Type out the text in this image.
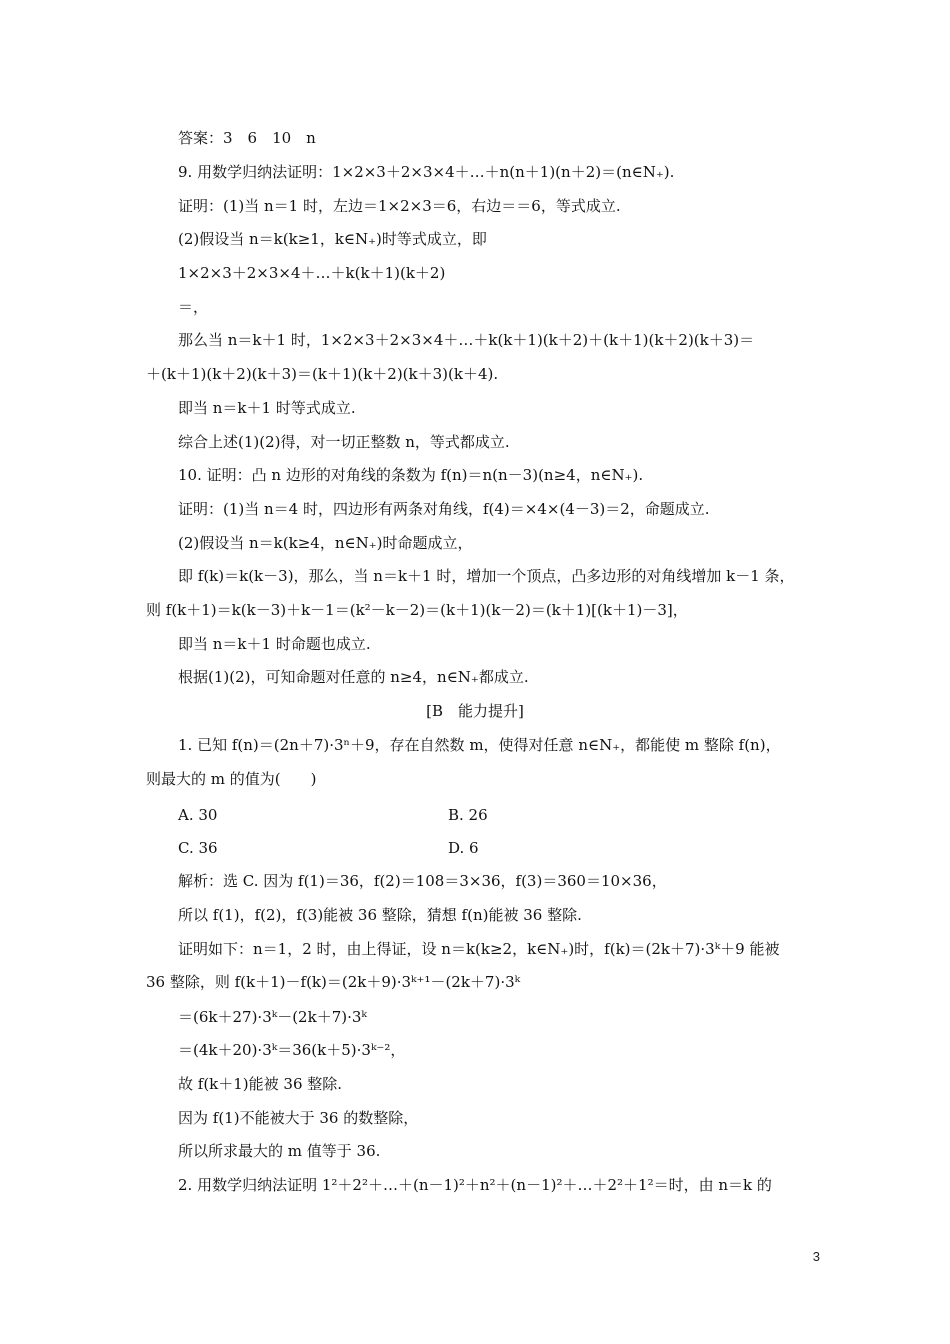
答案：3　6　10　n
9. 用数学归纳法证明：1×2×3＋2×3×4＋…＋n(n＋1)(n＋2)＝(n∈N₊).
证明：(1)当 n＝1 时，左边＝1×2×3＝6，右边＝＝6，等式成立.
(2)假设当 n＝k(k≥1，k∈N₊)时等式成立，即
1×2×3＋2×3×4＋…＋k(k＋1)(k＋2)
＝，
那么当 n＝k＋1 时，1×2×3＋2×3×4＋…＋k(k＋1)(k＋2)＋(k＋1)(k＋2)(k＋3)＝
＋(k＋1)(k＋2)(k＋3)＝(k＋1)(k＋2)(k＋3)(k＋4).
即当 n＝k＋1 时等式成立.
综合上述(1)(2)得，对一切正整数 n，等式都成立.
10. 证明：凸 n 边形的对角线的条数为 f(n)＝n(n－3)(n≥4，n∈N₊).
证明：(1)当 n＝4 时，四边形有两条对角线，f(4)＝×4×(4－3)＝2，命题成立.
(2)假设当 n＝k(k≥4，n∈N₊)时命题成立，
即 f(k)＝k(k－3)，那么，当 n＝k＋1 时，增加一个顶点，凸多边形的对角线增加 k－1 条，
则 f(k＋1)＝k(k－3)＋k－1＝(k²－k－2)＝(k＋1)(k－2)＝(k＋1)[(k＋1)－3]，
即当 n＝k＋1 时命题也成立.
根据(1)(2)，可知命题对任意的 n≥4，n∈N₊都成立.
[B　能力提升]
1. 已知 f(n)＝(2n＋7)·3ⁿ＋9，存在自然数 m，使得对任意 n∈N₊，都能使 m 整除 f(n)，
则最大的 m 的值为(　　)
A. 30	B. 26
C. 36	D. 6
解析：选 C. 因为 f(1)＝36，f(2)＝108＝3×36，f(3)＝360＝10×36，
所以 f(1)，f(2)，f(3)能被 36 整除，猜想 f(n)能被 36 整除.
证明如下：n＝1，2 时，由上得证，设 n＝k(k≥2，k∈N₊)时，f(k)＝(2k＋7)·3ᵏ＋9 能被
36 整除，则 f(k＋1)－f(k)＝(2k＋9)·3ᵏ⁺¹－(2k＋7)·3ᵏ
＝(6k＋27)·3ᵏ－(2k＋7)·3ᵏ
＝(4k＋20)·3ᵏ＝36(k＋5)·3ᵏ⁻²，
故 f(k＋1)能被 36 整除.
因为 f(1)不能被大于 36 的数整除，
所以所求最大的 m 值等于 36.
2. 用数学归纳法证明 1²＋2²＋…＋(n－1)²＋n²＋(n－1)²＋…＋2²＋1²＝时，由 n＝k 的
3
